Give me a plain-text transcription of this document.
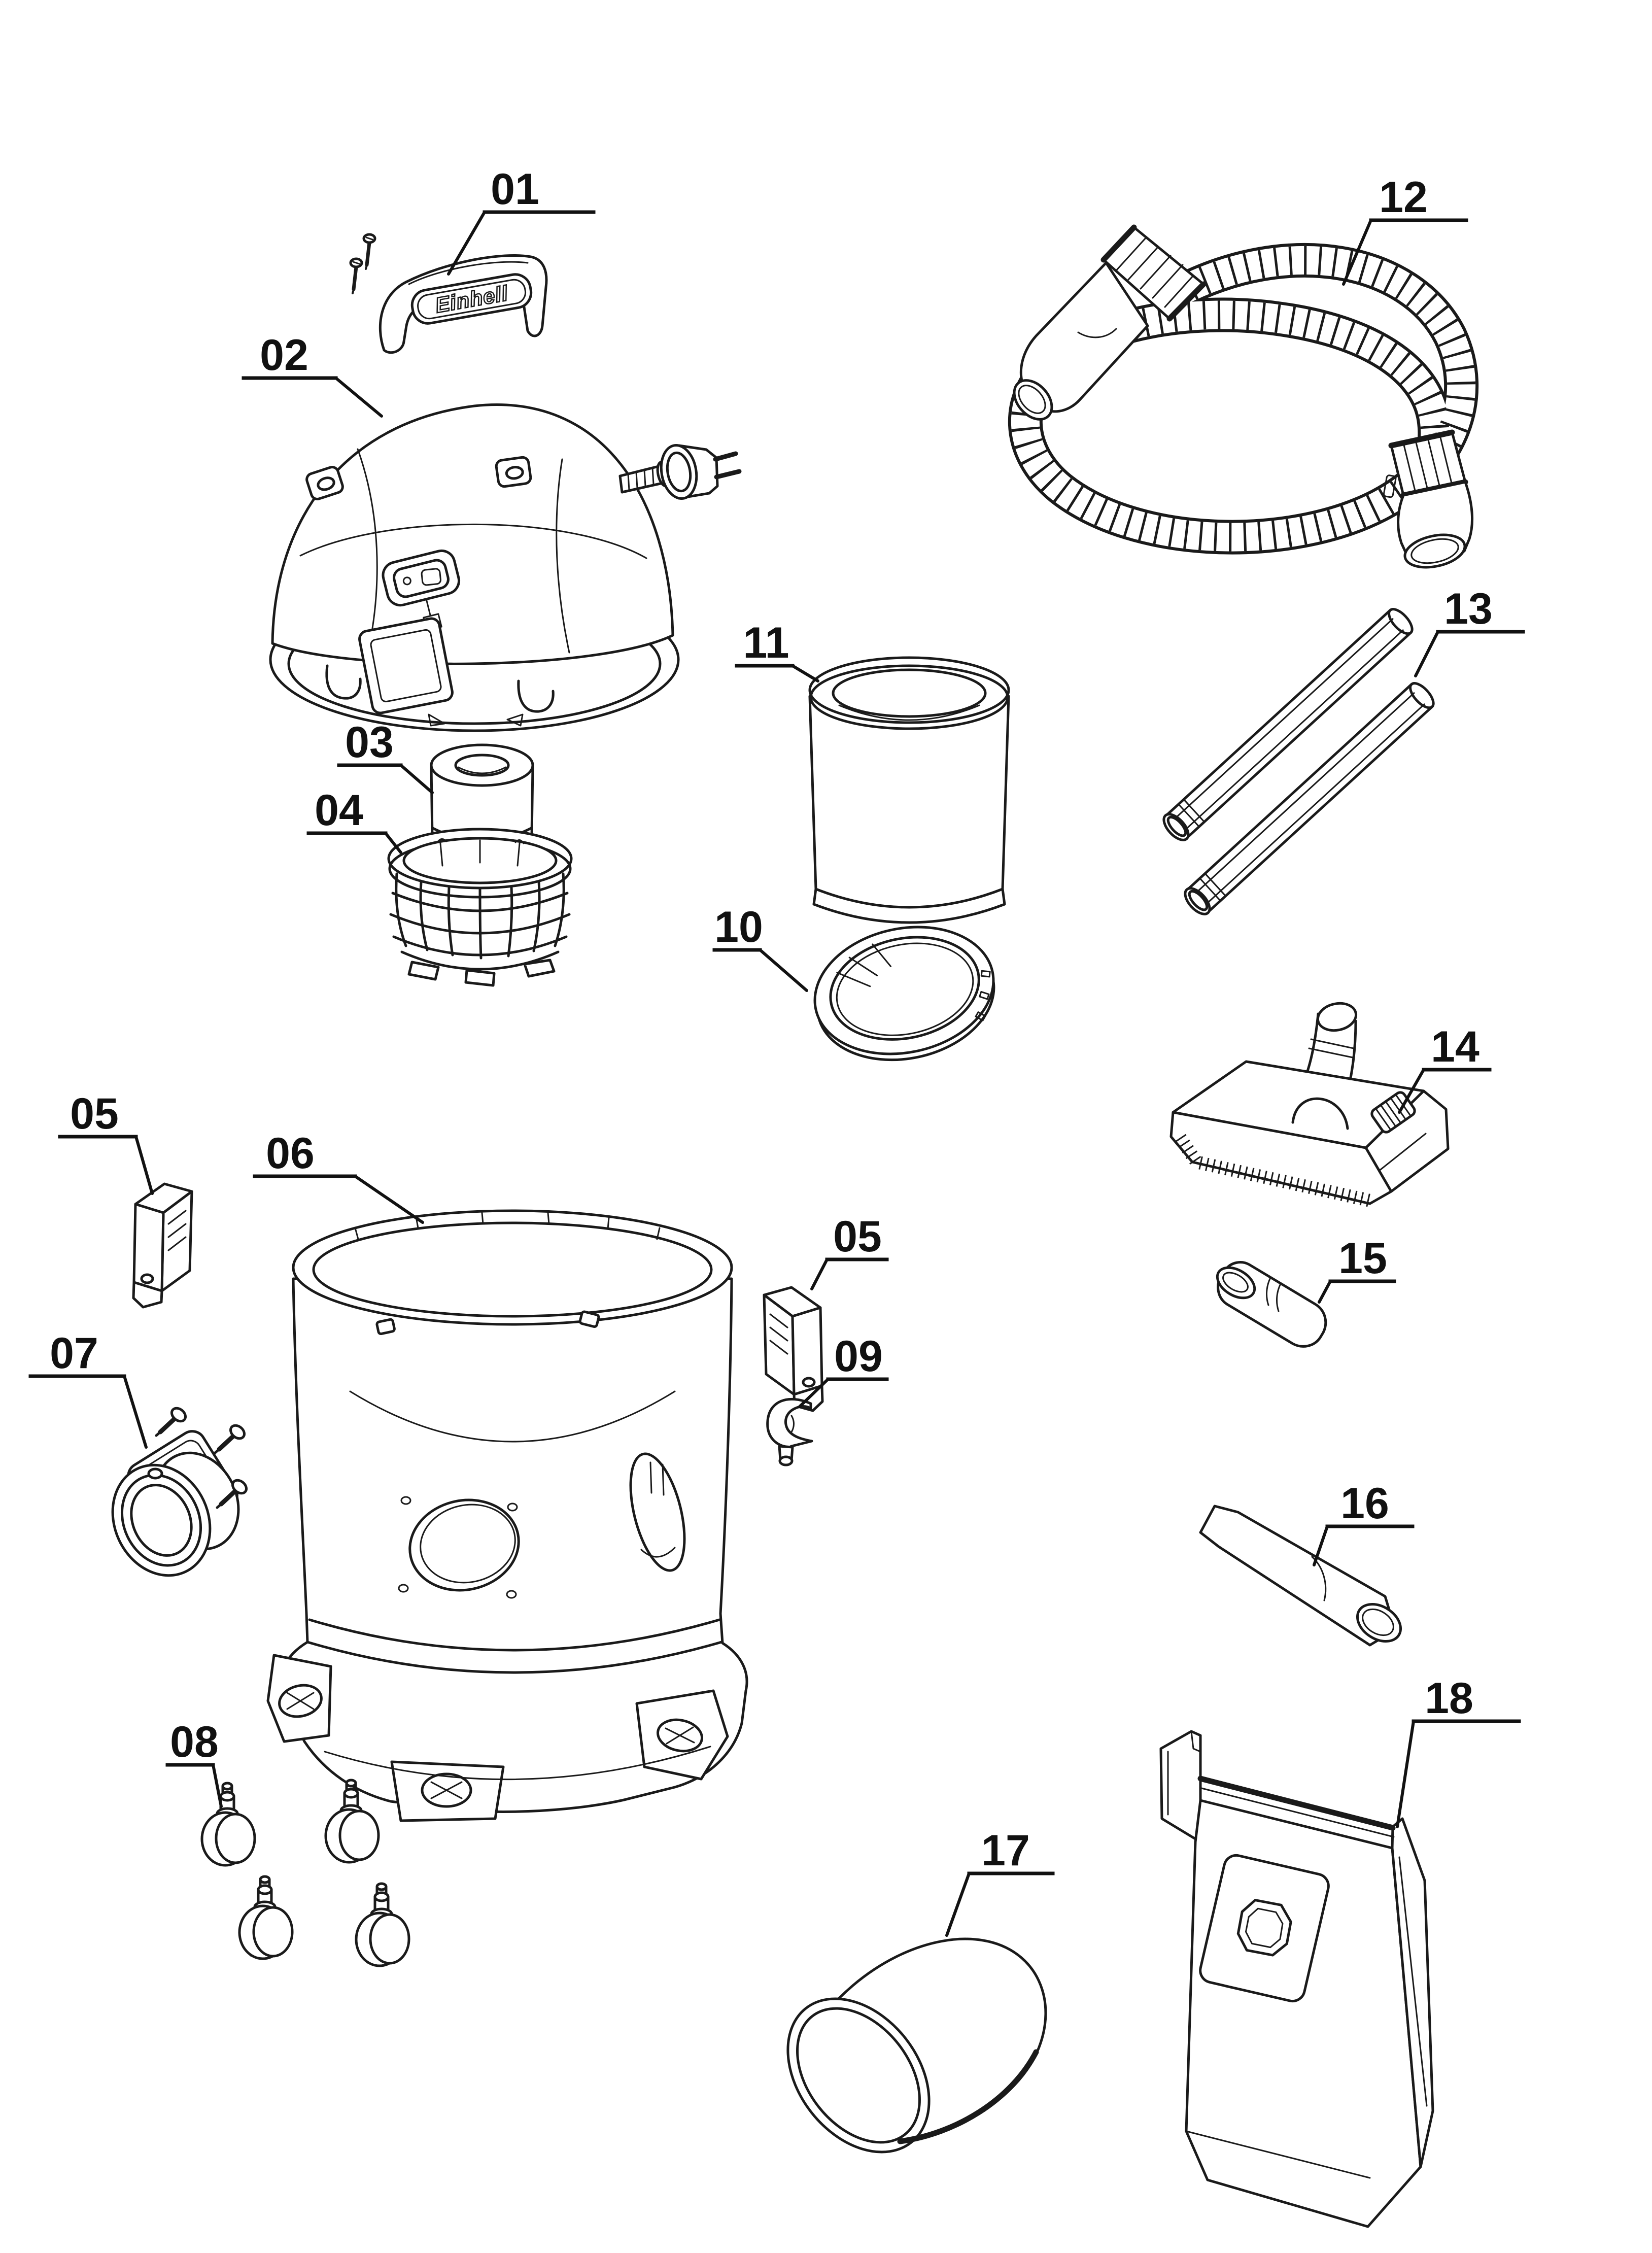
Einhell
01
02
03
04
05
06
07
08
09
10
11
05
12
13
14
15
16
17
18
